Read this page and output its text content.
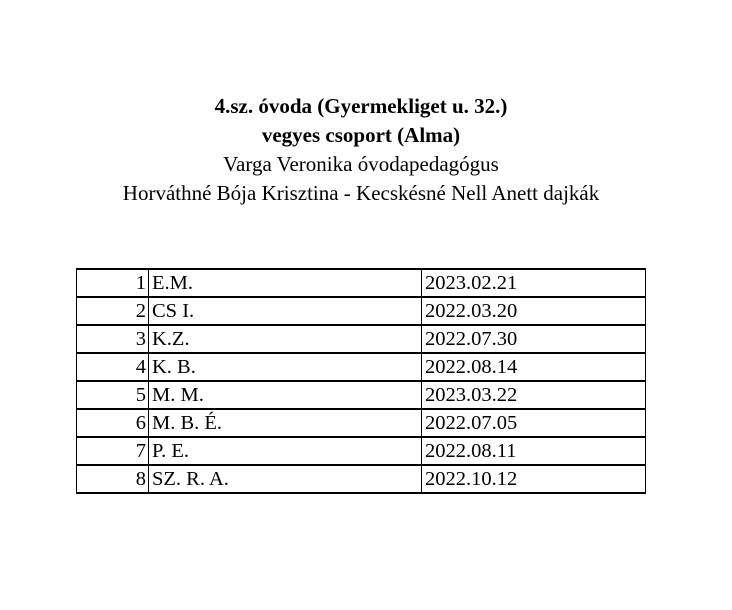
4.sz. óvoda (Gyermekliget u. 32.)
vegyes csoport (Alma)
Varga Veronika óvodapedagógus
Horváthné Bója Krisztina - Kecskésné Nell Anett dajkák
1	E.M.	2023.02.21
2	CS I.	2022.03.20
3	K.Z.	2022.07.30
4	K. B.	2022.08.14
5	M. M.	2023.03.22
6	M. B. É.	2022.07.05
7	P. E.	2022.08.11
8	SZ. R. A.	2022.10.12
